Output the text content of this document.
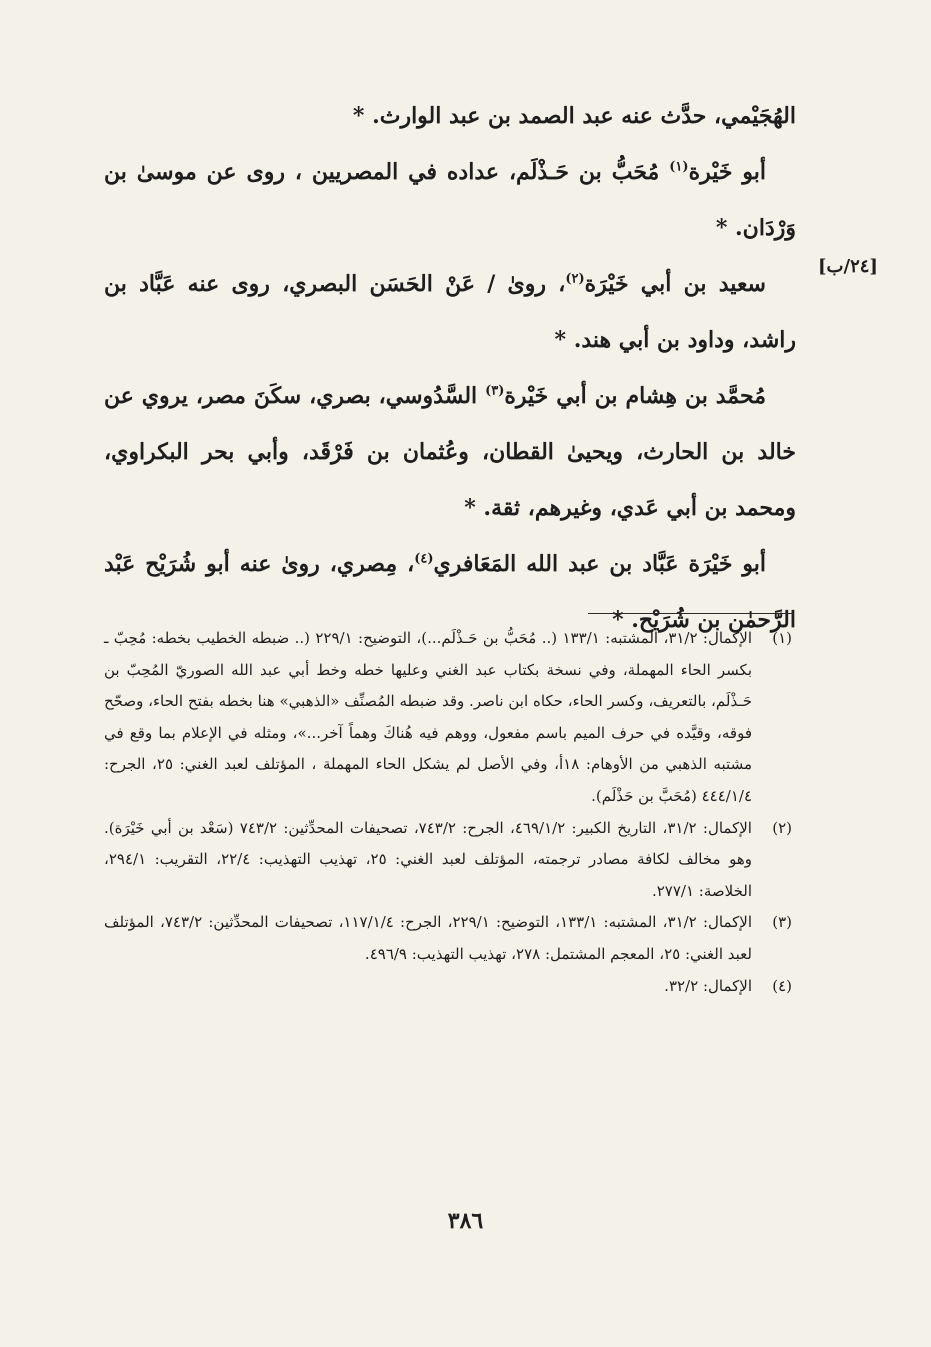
[٢٤/ب]

الهُجَيْمي، حدَّث عنه عبد الصمد بن عبد الوارث. *

أبو خَيْرة$^{(١)}$ مُحَبُّ بن حَـذْلَم، عداده في المصريين ، روى عن موسىٰ بن وَرْدَان. *

سعيد بن أبي خَيْرَة$^{(٢)}$، روىٰ / عَنْ الحَسَن البصري، روى عنه عَبَّاد بن راشد، وداود بن أبي هند. *

مُحمَّد بن هِشام بن أبي خَيْرة$^{(٣)}$ السَّدُوسي، بصري، سكَنَ مصر، يروي عن خالد بن الحارث، ويحيىٰ القطان، وعُثمان بن فَرْقَد، وأبي بحر البكراوي، ومحمد بن أبي عَدي، وغيرهم، ثقة. *

أبو خَيْرَة عَبَّاد بن عبد الله المَعَافري$^{(٤)}$، مِصري، روىٰ عنه أبو شُرَيْح عَبْد الرَّحمٰن بن شُرَيْح. *

(١)
الإكمال: ٣١/٢، المشتبه: ١٣٣/١ (.. مُحَبُّ بن حَـذْلَم...)، التوضيح: ٢٢٩/١ (.. ضبطه الخطيب بخطه: مُحِبّ ـ بكسر الحاء المهملة، وفي نسخة بكتاب عبد الغني وعليها خطه وخط أبي عبد الله الصوريّ المُحِبّ بن حَـذْلَم، بالتعريف، وكسر الحاء، حكاه ابن ناصر. وقد ضبطه المُصنِّف «الذهبي» هنا بخطه بفتح الحاء، وصحّح فوقه، وقيَّده في حرف الميم باسم مفعول، ووهم فيه هُناكَ وهماً آخر...»، ومثله في الإعلام بما وقع في مشتبه الذهبي من الأوهام: ١٨أ، وفي الأصل لم يشكل الحاء المهملة ، المؤتلف لعبد الغني: ٢٥، الجرح: ٤٤٤/١/٤ (مُحَبَّ بن حَذْلَم).

(٢)
الإكمال: ٣١/٢، التاريخ الكبير: ٤٦٩/١/٢، الجرح: ٧٤٣/٢، تصحيفات المحدِّثين: ٧٤٣/٢ (سَعْد بن أبي خَيْرَة). وهو مخالف لكافة مصادر ترجمته، المؤتلف لعبد الغني: ٢٥، تهذيب التهذيب: ٢٢/٤، التقريب: ٢٩٤/١، الخلاصة: ٢٧٧/١.

(٣)
الإكمال: ٣١/٢، المشتبه: ١٣٣/١، التوضيح: ٢٢٩/١، الجرح: ١١٧/١/٤، تصحيفات المحدِّثين: ٧٤٣/٢، المؤتلف لعبد الغني: ٢٥، المعجم المشتمل: ٢٧٨، تهذيب التهذيب: ٤٩٦/٩.

(٤)
الإكمال: ٣٢/٢.

٣٨٦
